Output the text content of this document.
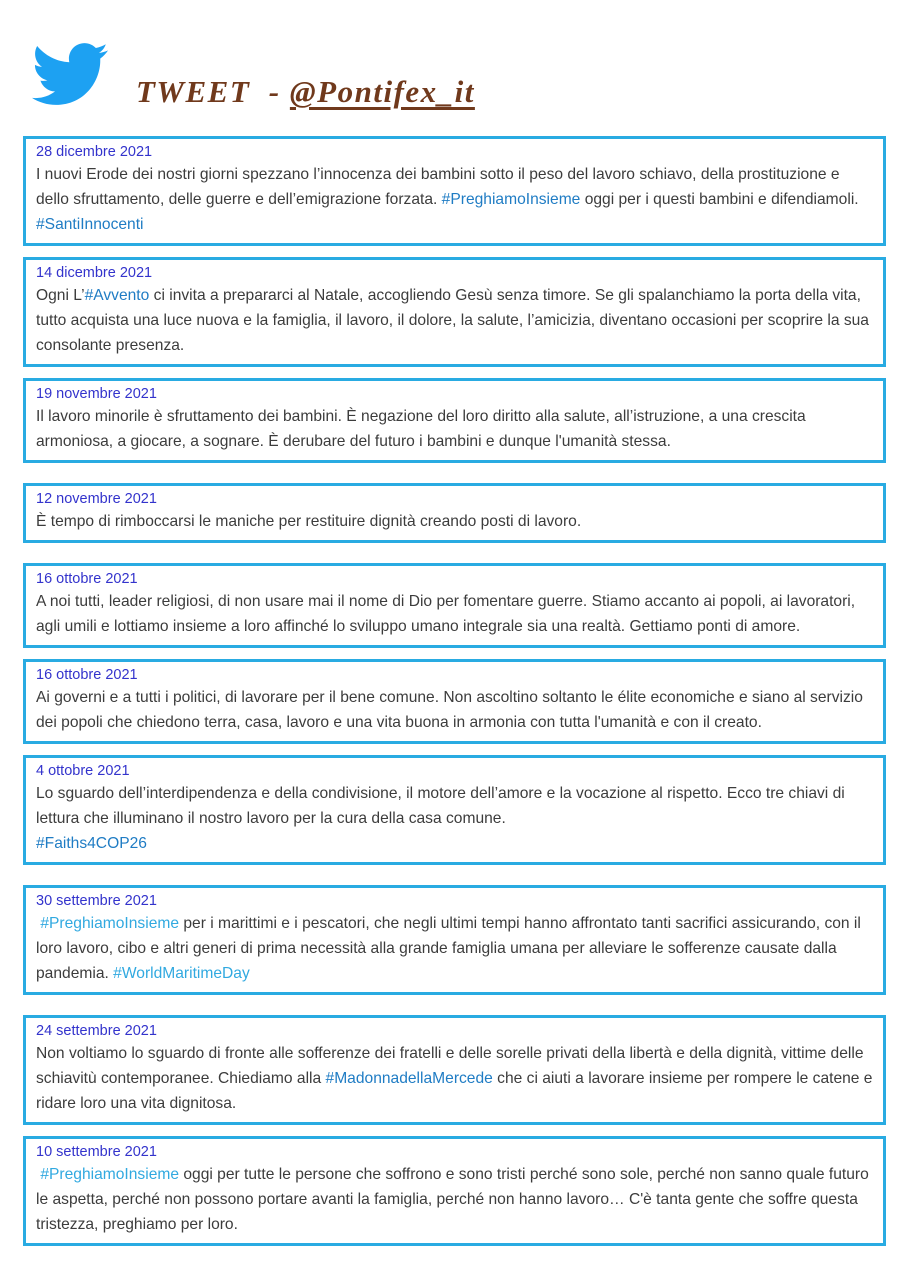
TWEET  - @Pontifex_it
28 dicembre 2021
I nuovi Erode dei nostri giorni spezzano l’innocenza dei bambini sotto il peso del lavoro schiavo, della prostituzione e dello sfruttamento, delle guerre e dell’emigrazione forzata. #PreghiamoInsieme oggi per i questi bambini e difendiamoli. #SantiInnocenti
14 dicembre 2021
Ogni L’#Avvento ci invita a prepararci al Natale, accogliendo Gesù senza timore. Se gli spalanchiamo la porta della vita, tutto acquista una luce nuova e la famiglia, il lavoro, il dolore, la salute, l’amicizia, diventano occasioni per scoprire la sua consolante presenza.
19 novembre 2021
Il lavoro minorile è sfruttamento dei bambini. È negazione del loro diritto alla salute, all’istruzione, a una crescita armoniosa, a giocare, a sognare. È derubare del futuro i bambini e dunque l'umanità stessa.
12 novembre 2021
È tempo di rimboccarsi le maniche per restituire dignità creando posti di lavoro.
16 ottobre 2021
A noi tutti, leader religiosi, di non usare mai il nome di Dio per fomentare guerre. Stiamo accanto ai popoli, ai lavoratori, agli umili e lottiamo insieme a loro affinché lo sviluppo umano integrale sia una realtà. Gettiamo ponti di amore.
16 ottobre 2021
Ai governi e a tutti i politici, di lavorare per il bene comune. Non ascoltino soltanto le élite economiche e siano al servizio dei popoli che chiedono terra, casa, lavoro e una vita buona in armonia con tutta l'umanità e con il creato.
4 ottobre 2021
Lo sguardo dell’interdipendenza e della condivisione, il motore dell’amore e la vocazione al rispetto. Ecco tre chiavi di lettura che illuminano il nostro lavoro per la cura della casa comune.
#Faiths4COP26
30 settembre 2021
#PreghiamoInsieme per i marittimi e i pescatori, che negli ultimi tempi hanno affrontato tanti sacrifici assicurando, con il loro lavoro, cibo e altri generi di prima necessità alla grande famiglia umana per alleviare le sofferenze causate dalla pandemia. #WorldMaritimeDay
24 settembre 2021
Non voltiamo lo sguardo di fronte alle sofferenze dei fratelli e delle sorelle privati della libertà e della dignità, vittime delle schiavitù contemporanee. Chiediamo alla #MadonnadellaMercede che ci aiuti a lavorare insieme per rompere le catene e ridare loro una vita dignitosa.
10 settembre 2021
#PreghiamoInsieme oggi per tutte le persone che soffrono e sono tristi perché sono sole, perché non sanno quale futuro le aspetta, perché non possono portare avanti la famiglia, perché non hanno lavoro… C'è tanta gente che soffre questa tristezza, preghiamo per loro.
